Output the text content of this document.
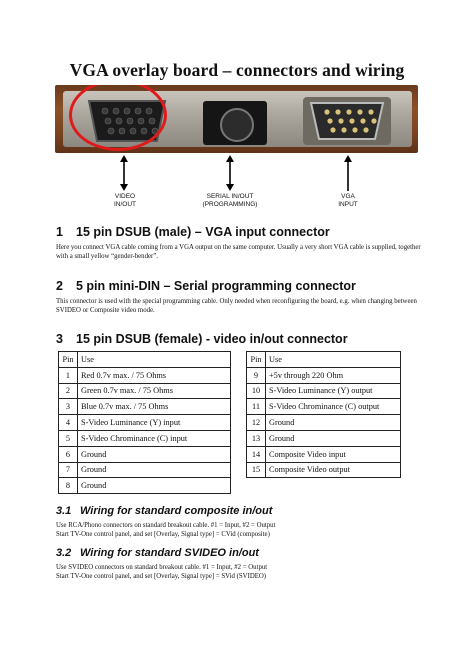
VGA overlay board – connectors and wiring
VIDEO
IN/OUT
SERIAL IN/OUT
(PROGRAMMING)
VGA
INPUT
1 15 pin DSUB (male) – VGA input connector

Here you connect VGA cable coming from a VGA output on the same computer. Usually a very short VGA cable is supplied, together with a small yellow “gender-bender”.

2 5 pin mini-DIN – Serial programming connector

This connector is used with the special programming cable. Only needed when reconfiguring the board, e.g. when changing between SVIDEO or Composite video mode.

3 15 pin DSUB (female) - video in/out connector
Pin	Use
1	Red 0.7v max. / 75 Ohms
2	Green 0.7v max. / 75 Ohms
3	Blue 0.7v max. / 75 Ohms
4	S-Video Luminance (Y) input
5	S-Video Chrominance (C) input
6	Ground
7	Ground
8	Ground
Pin	Use
9	+5v through 220 Ohm
10	S-Video Luminance (Y) output
11	S-Video Chrominance (C) output
12	Ground
13	Ground
14	Composite Video input
15	Composite Video output
3.1 Wiring for standard composite in/out

Use RCA/Phono connectors on standard breakout cable. #1 = Input, #2 = Output

Start TV-One control panel, and set [Overlay, Signal type] = CVid (composite)

3.2 Wiring for standard SVIDEO in/out

Use SVIDEO connectors on standard breakout cable. #1 = Input, #2 = Output

Start TV-One control panel, and set [Overlay, Signal type] = SVid (SVIDEO)
